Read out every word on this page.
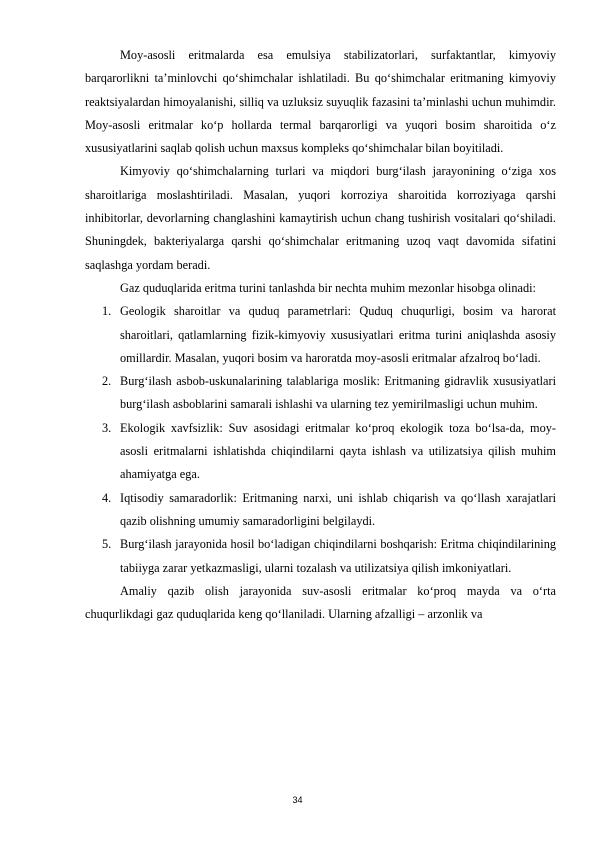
Moy-asosli eritmalarda esa emulsiya stabilizatorlari, surfaktantlar, kimyoviy barqarorlikni ta’minlovchi qo‘shimchalar ishlatiladi. Bu qo‘shimchalar eritmaning kimyoviy reaktsiyalardan himoyalanishi, silliq va uzluksiz suyuqlik fazasini ta’minlashi uchun muhimdir. Moy-asosli eritmalar ko‘p hollarda termal barqarorligi va yuqori bosim sharoitida o‘z xususiyatlarini saqlab qolish uchun maxsus kompleks qo‘shimchalar bilan boyitiladi.

Kimyoviy qo‘shimchalarning turlari va miqdori burg‘ilash jarayonining o‘ziga xos sharoitlariga moslashtiriladi. Masalan, yuqori korroziya sharoitida korroziyaga qarshi inhibitorlar, devorlarning changlashini kamaytirish uchun chang tushirish vositalari qo‘shiladi. Shuningdek, bakteriyalarga qarshi qo‘shimchalar eritmaning uzoq vaqt davomida sifatini saqlashga yordam beradi.

Gaz quduqlarida eritma turini tanlashda bir nechta muhim mezonlar hisobga olinadi:

1. Geologik sharoitlar va quduq parametrlari: Quduq chuqurligi, bosim va harorat sharoitlari, qatlamlarning fizik-kimyoviy xususiyatlari eritma turini aniqlashda asosiy omillardir. Masalan, yuqori bosim va haroratda moy-asosli eritmalar afzalroq bo‘ladi.
2. Burg‘ilash asbob-uskunalarining talablariga moslik: Eritmaning gidravlik xususiyatlari burg‘ilash asboblarini samarali ishlashi va ularning tez yemirilmasligi uchun muhim.
3. Ekologik xavfsizlik: Suv asosidagi eritmalar ko‘proq ekologik toza bo‘lsa-da, moy-asosli eritmalarni ishlatishda chiqindilarni qayta ishlash va utilizatsiya qilish muhim ahamiyatga ega.
4. Iqtisodiy samaradorlik: Eritmaning narxi, uni ishlab chiqarish va qo‘llash xarajatlari qazib olishning umumiy samaradorligini belgilaydi.
5. Burg‘ilash jarayonida hosil bo‘ladigan chiqindilarni boshqarish: Eritma chiqindilarining tabiiyga zarar yetkazmasligi, ularni tozalash va utilizatsiya qilish imkoniyatlari.

Amaliy qazib olish jarayonida suv-asosli eritmalar ko‘proq mayda va o‘rta chuqurlikdagi gaz quduqlarida keng qo‘llaniladi. Ularning afzalligi – arzonlik va

34
